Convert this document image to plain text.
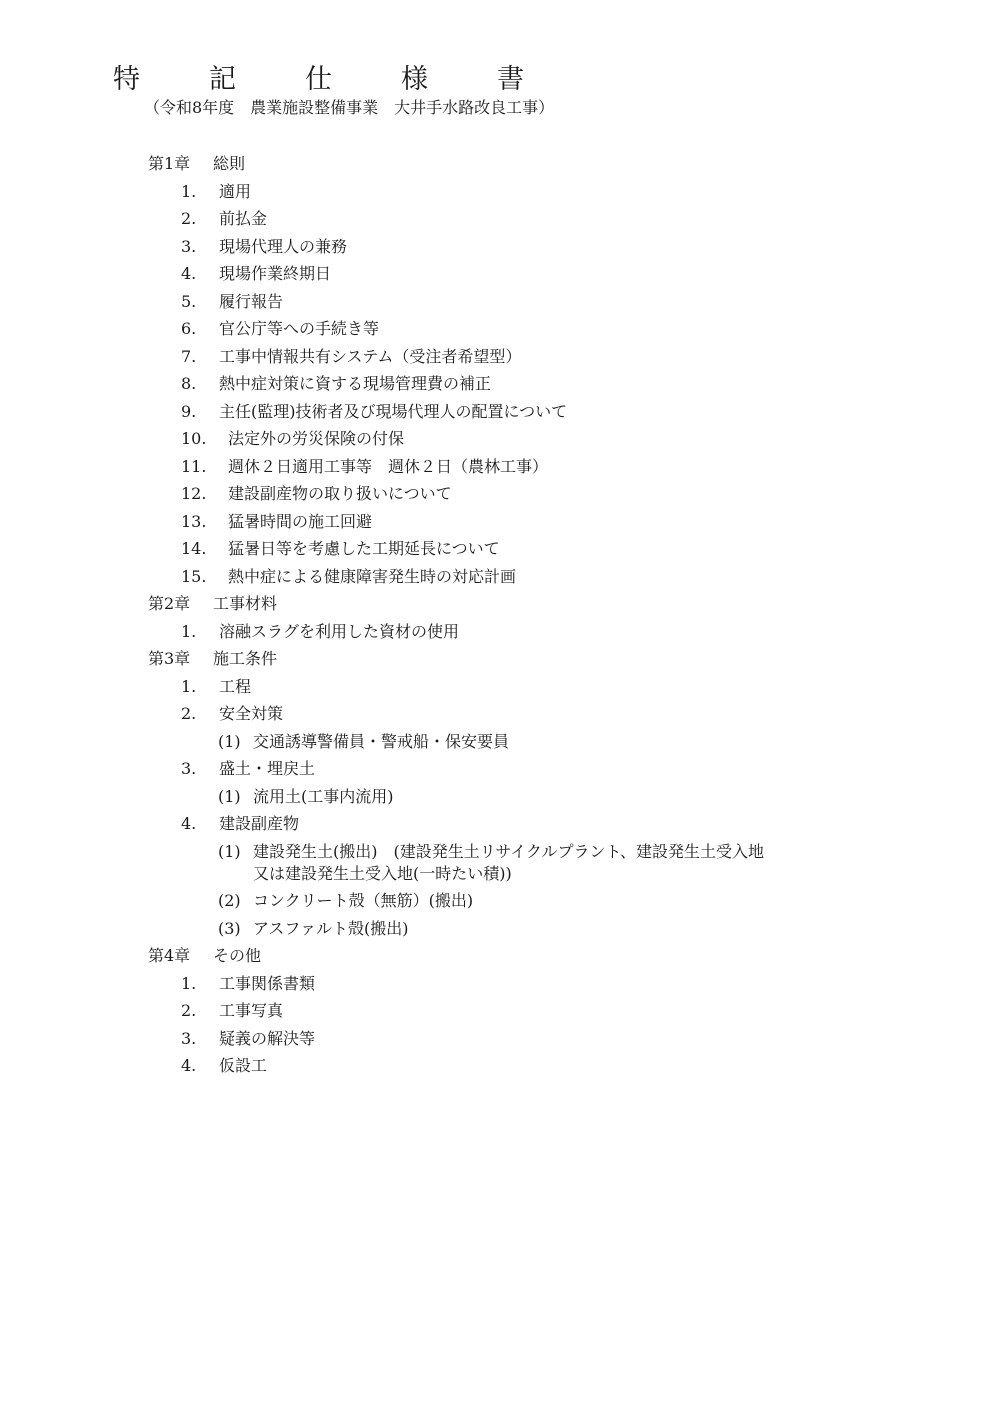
特　記　仕　様　書
（令和8年度　農業施設整備事業　大井手水路改良工事）
第1章 総則
1. 適用
2. 前払金
3. 現場代理人の兼務
4. 現場作業終期日
5. 履行報告
6. 官公庁等への手続き等
7. 工事中情報共有システム（受注者希望型）
8. 熱中症対策に資する現場管理費の補正
9. 主任(監理)技術者及び現場代理人の配置について
10. 法定外の労災保険の付保
11. 週休２日適用工事等　週休２日（農林工事）
12. 建設副産物の取り扱いについて
13. 猛暑時間の施工回避
14. 猛暑日等を考慮した工期延長について
15. 熱中症による健康障害発生時の対応計画
第2章 工事材料
1. 溶融スラグを利用した資材の使用
第3章 施工条件
1. 工程
2. 安全対策
(1) 交通誘導警備員・警戒船・保安要員
3. 盛土・埋戻土
(1) 流用土(工事内流用)
4. 建設副産物
(1) 建設発生土(搬出)　(建設発生土リサイクルプラント、建設発生土受入地
又は建設発生土受入地(一時たい積))
(2) コンクリート殻（無筋）(搬出)
(3) アスファルト殻(搬出)
第4章 その他
1. 工事関係書類
2. 工事写真
3. 疑義の解決等
4. 仮設工
